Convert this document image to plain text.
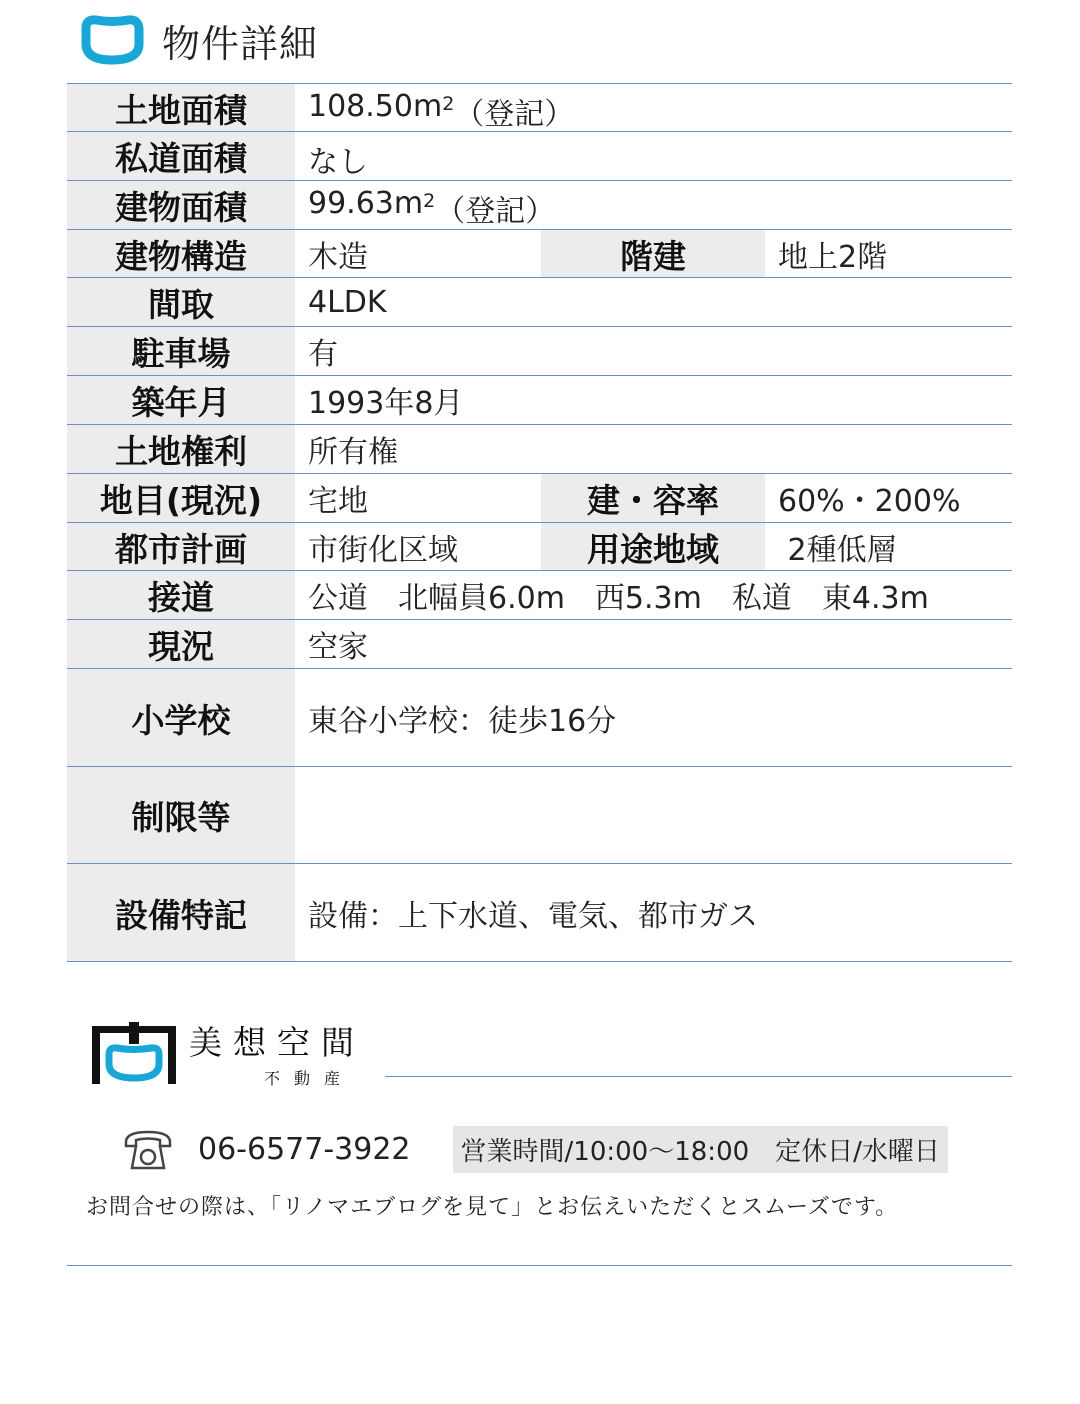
物件詳細
土地面積	108.50m 2 （登記）
私道面積	なし
建物面積	99.63m 2 （登記）
建物構造	木造	階建	地上2階
間取	4LDK
駐車場	有
築年月	1993年8月
土地権利	所有権
地目(現況)	宅地	建・容率	60%・200%
都市計画	市街化区域	用途地域	2種低層
接道	公道　北幅員6.0m　西5.3m　私道　東4.3m
現況	空家
小学校	東谷小学校：徒歩16分
制限等
設備 特記	設備：上下水道、電気、都市ガス
美想空間
不動産
06-6577-3922	営業時間/10:00〜18:00　定休日/水曜日
お問合せの際は、「リノマエブログを見て」とお伝えいただくとスムーズです。
